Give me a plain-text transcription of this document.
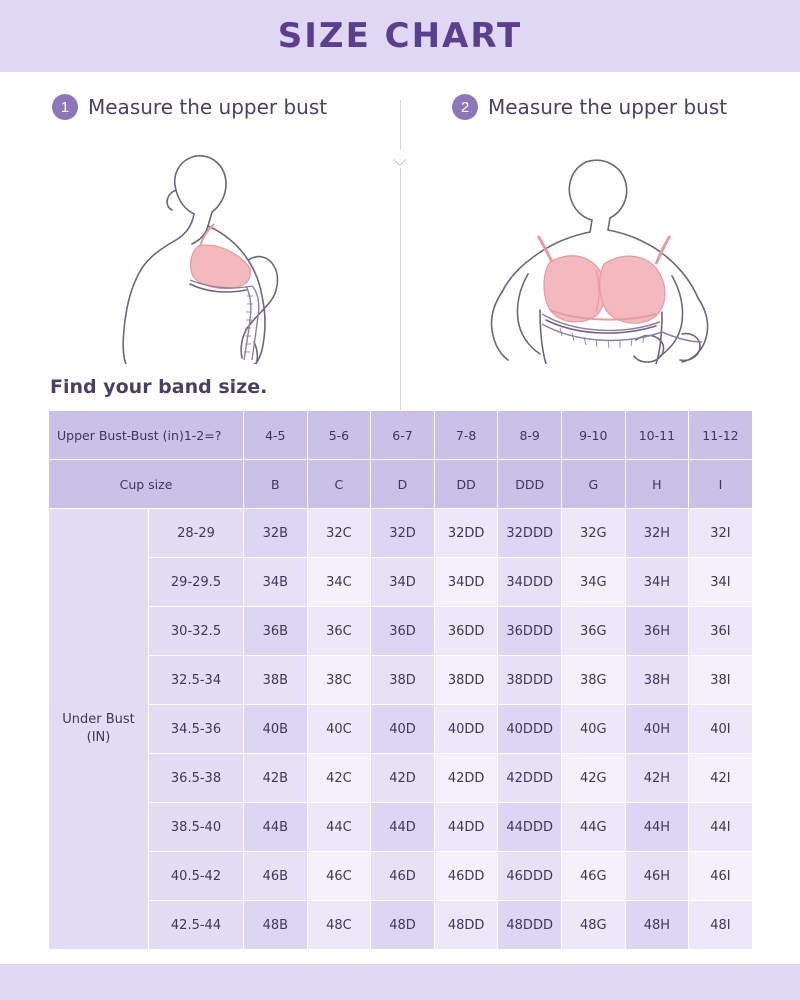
SIZE CHART
⌵
1 Measure the upper bust	2 Measure the upper bust
Find your band size.
Upper Bust-Bust (in)1-2=?		4-5	5-6	6-7	7-8	8-9	9-10	10-11	11-12
Cup size		B	C	D	DD	DDD	G	H	I
Under Bust (IN)	28-29	32B	32C	32D	32DD	32DDD	32G	32H	32I
	29-29.5	34B	34C	34D	34DD	34DDD	34G	34H	34I
	30-32.5	36B	36C	36D	36DD	36DDD	36G	36H	36I
	32.5-34	38B	38C	38D	38DD	38DDD	38G	38H	38I
	34.5-36	40B	40C	40D	40DD	40DDD	40G	40H	40I
	36.5-38	42B	42C	42D	42DD	42DDD	42G	42H	42I
	38.5-40	44B	44C	44D	44DD	44DDD	44G	44H	44I
	40.5-42	46B	46C	46D	46DD	46DDD	46G	46H	46I
	42.5-44	48B	48C	48D	48DD	48DDD	48G	48H	48I
